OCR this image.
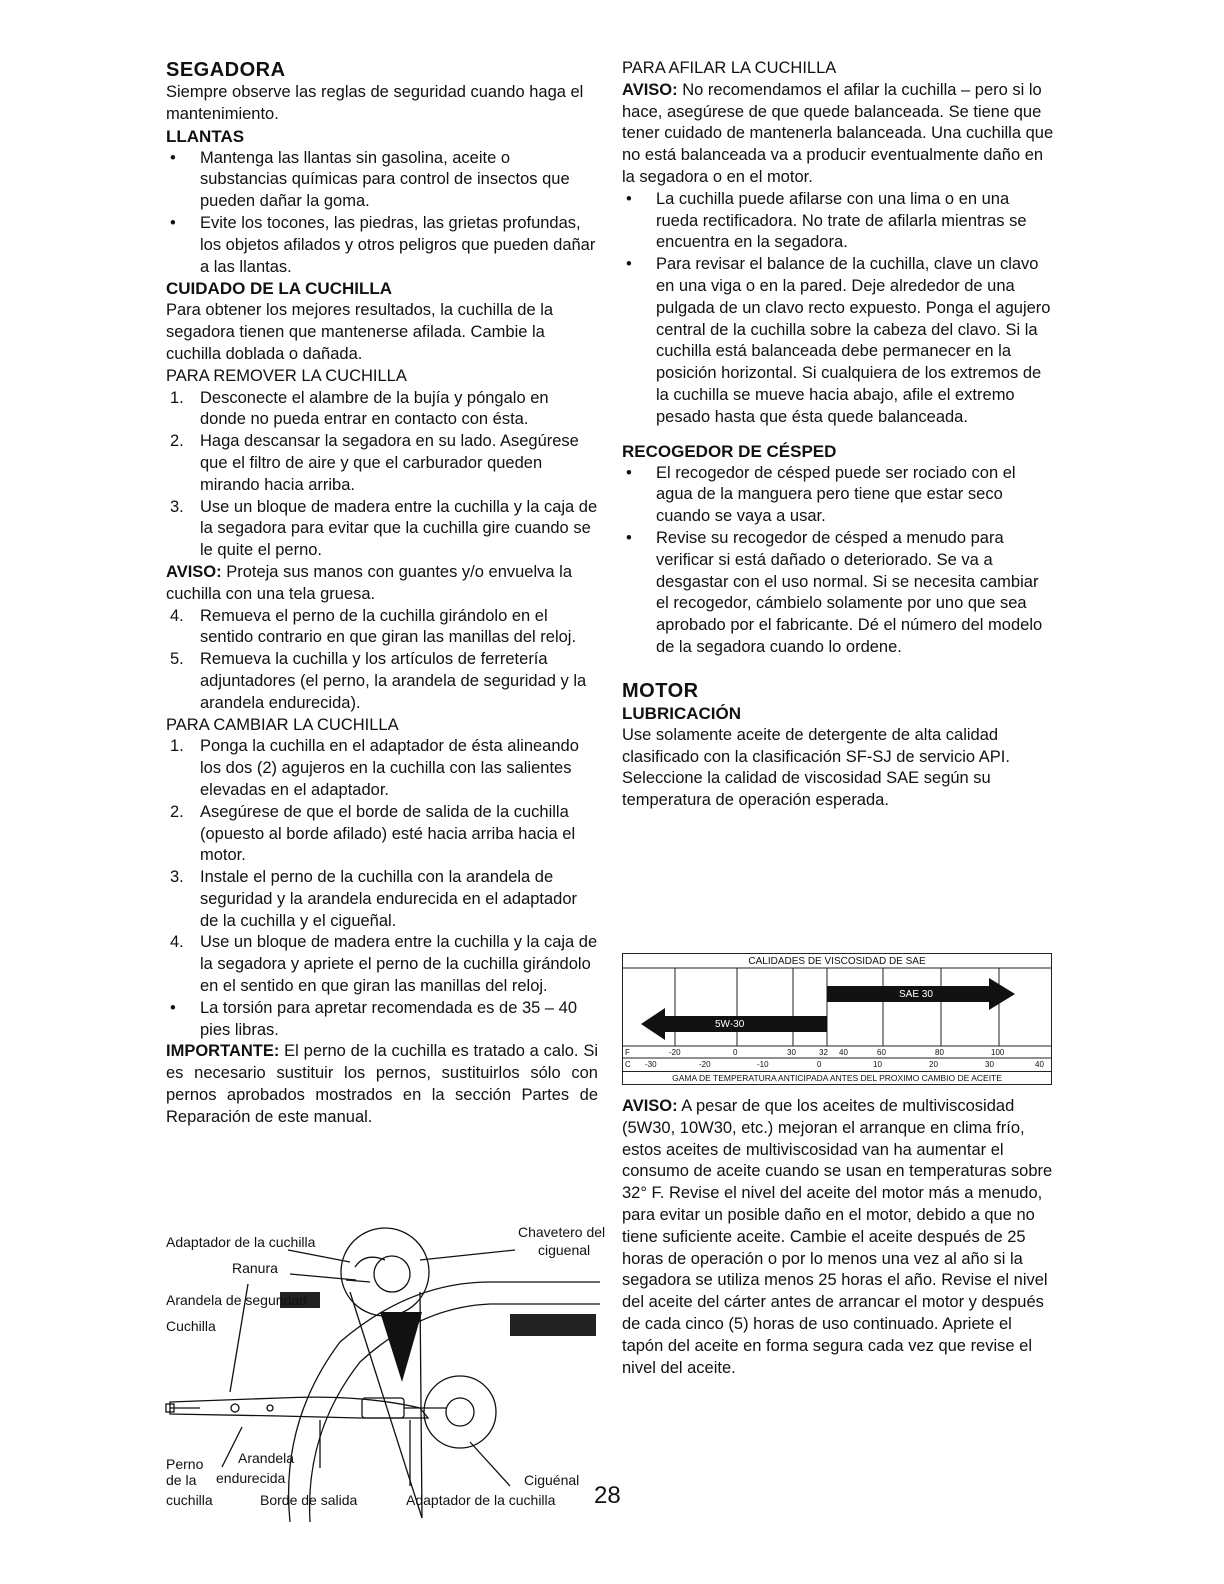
SEGADORA

Siempre observe las reglas de seguridad cuando haga el mantenimiento.

LLANTAS
• Mantenga las llantas sin gasolina, aceite o substancias químicas para control de insectos que pueden dañar la goma.
• Evite los tocones, las piedras, las grietas profundas, los objetos afilados y otros peligros que pueden dañar a las llantas.
CUIDADO DE LA CUCHILLA

Para obtener los mejores resultados, la cuchilla de la segadora tienen que mantenerse afilada. Cambie la cuchilla doblada o dañada.

PARA REMOVER LA CUCHILLA
1. Desconecte el alambre de la bujía y póngalo en donde no pueda entrar en contacto con ésta.
2. Haga descansar la segadora en su lado. Asegúrese que el filtro de aire y que el carburador queden mirando hacia arriba.
3. Use un bloque de madera entre la cuchilla y la caja de la segadora para evitar que la cuchilla gire cuando se le quite el perno.

AVISO: Proteja sus manos con guantes y/o envuelva la cuchilla con una tela gruesa.

4. Remueva el perno de la cuchilla girándolo en el sentido contrario en que giran las manillas del reloj.
5. Remueva la cuchilla y los artículos de ferretería adjuntadores (el perno, la arandela de seguridad y la arandela endurecida).
PARA CAMBIAR LA CUCHILLA
1. Ponga la cuchilla en el adaptador de ésta alineando los dos (2) agujeros en la cuchilla con las salientes elevadas en el adaptador.
2. Asegúrese de que el borde de salida de la cuchilla (opuesto al borde afilado) esté hacia arriba hacia el motor.
3. Instale el perno de la cuchilla con la arandela de seguridad y la arandela endurecida en el adaptador de la cuchilla y el cigueñal.
4. Use un bloque de madera entre la cuchilla y la caja de la segadora y apriete el perno de la cuchilla girándolo en el sentido en que giran las manillas del reloj.
• La torsión para apretar recomendada es de 35 – 40 pies libras.

IMPORTANTE: El perno de la cuchilla es tratado a calo. Si es necesario sustituir los pernos, sustituirlos sólo con pernos aprobados mostrados en la sección Partes de Reparación de este manual.

Adaptador de la cuchilla
Chavetero del
ciguenal
Ranura
Arandela de seguridad
Cuchilla
Perno
de la
cuchilla
Arandela
endurecida
Borde de salida	Adaptador de la cuchilla
Ciguénal
28
PARA AFILAR LA CUCHILLA

AVISO: No recomendamos el afilar la cuchilla – pero si lo hace, asegúrese de que quede balanceada. Se tiene que tener cuidado de mantenerla balanceada. Una cuchilla que no está balanceada va a producir eventualmente daño en la segadora o en el motor.

• La cuchilla puede afilarse con una lima o en una rueda rectificadora. No trate de afilarla mientras se encuentra en la segadora.
• Para revisar el balance de la cuchilla, clave un clavo en una viga o en la pared. Deje alrededor de una pulgada de un clavo recto expuesto. Ponga el agujero central de la cuchilla sobre la cabeza del clavo. Si la cuchilla está balanceada debe permanecer en la posición horizontal. Si cualquiera de los extremos de la cuchilla se mueve hacia abajo, afile el extremo pesado hasta que ésta quede balanceada.
RECOGEDOR DE CÉSPED
• El recogedor de césped puede ser rociado con el agua de la manguera pero tiene que estar seco cuando se vaya a usar.
• Revise su recogedor de césped a menudo para verificar si está dañado o deteriorado. Se va a desgastar con el uso normal. Si se necesita cambiar el recogedor, cámbielo solamente por uno que sea aprobado por el fabricante. Dé el número del modelo de la segadora cuando lo ordene.
MOTOR
LUBRICACIÓN

Use solamente aceite de detergente de alta calidad clasificado con la clasificación SF-SJ de servicio API. Seleccione la calidad de viscosidad SAE según su temperatura de operación esperada.

CALIDADES DE VISCOSIDAD DE SAE
SAE 30
5W-30
F	-20	0	30	32 40	60	80	100
C -30	-20	-10	0	10	20	30	40
GAMA DE TEMPERATURA ANTICIPADA ANTES DEL PROXIMO CAMBIO DE ACEITE

AVISO: A pesar de que los aceites de multiviscosidad (5W30, 10W30, etc.) mejoran el arranque en clima frío, estos aceites de multiviscosidad van ha aumentar el consumo de aceite cuando se usan en temperaturas sobre 32° F. Revise el nivel del aceite del motor más a menudo, para evitar un posible daño en el motor, debido a que no tiene suficiente aceite. Cambie el aceite después de 25 horas de operación o por lo menos una vez al año si la segadora se utiliza menos 25 horas el año. Revise el nivel del aceite del cárter antes de arrancar el motor y después de cada cinco (5) horas de uso continuado. Apriete el tapón del aceite en forma segura cada vez que revise el nivel del aceite.
